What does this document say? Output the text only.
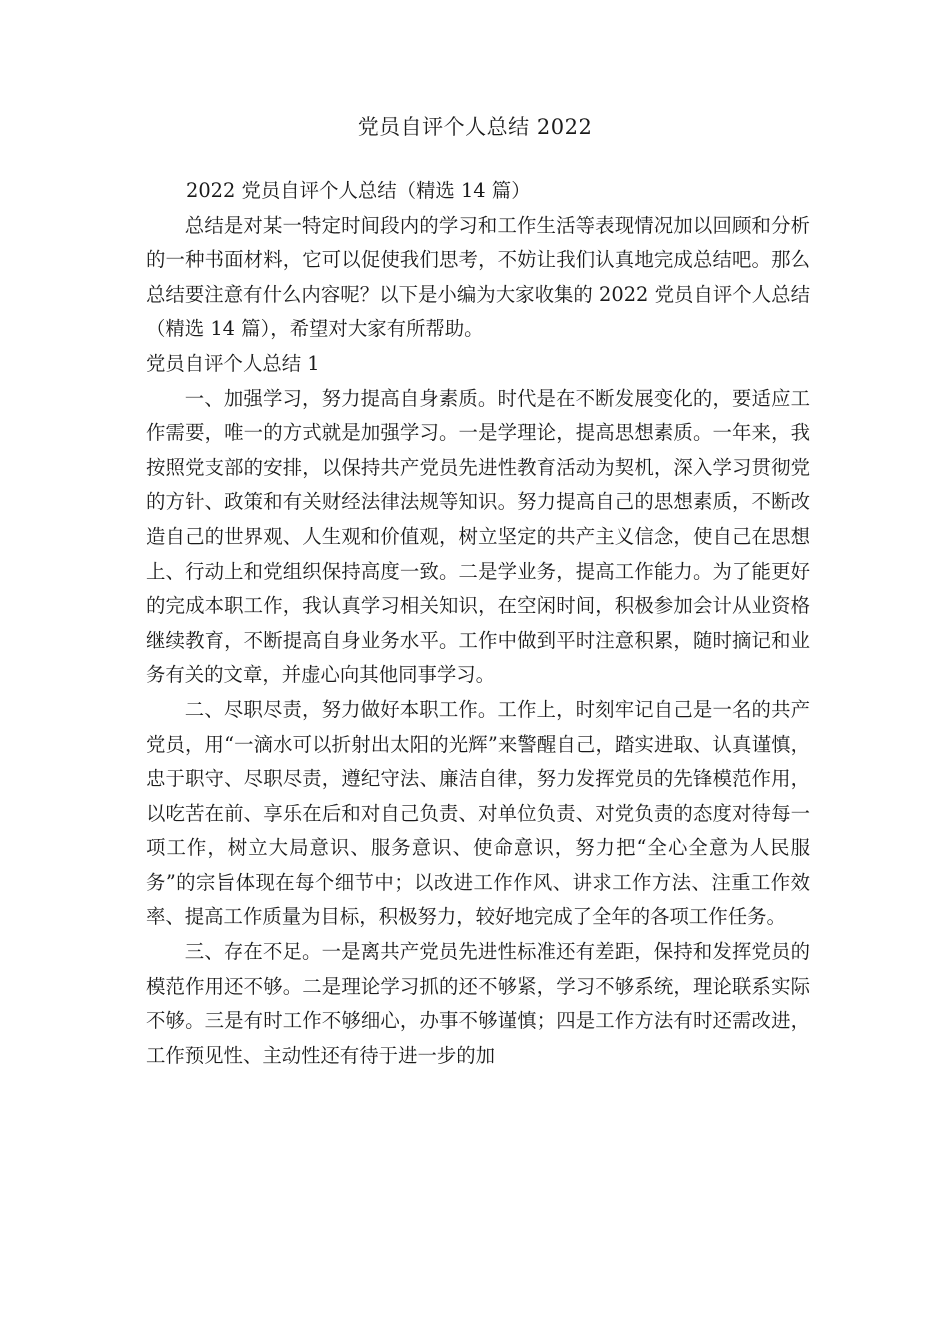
党员自评个人总结 2022

2022 党员自评个人总结（精选 14 篇）

总结是对某一特定时间段内的学习和工作生活等表现情况加以回顾和分析的一种书面材料，它可以促使我们思考，不妨让我们认真地完成总结吧。那么总结要注意有什么内容呢？以下是小编为大家收集的 2022 党员自评个人总结（精选 14 篇），希望对大家有所帮助。

党员自评个人总结 1

一、加强学习，努力提高自身素质。时代是在不断发展变化的，要适应工作需要，唯一的方式就是加强学习。一是学理论，提高思想素质。一年来，我按照党支部的安排，以保持共产党员先进性教育活动为契机，深入学习贯彻党的方针、政策和有关财经法律法规等知识。努力提高自己的思想素质，不断改造自己的世界观、人生观和价值观，树立坚定的共产主义信念，使自己在思想上、行动上和党组织保持高度一致。二是学业务，提高工作能力。为了能更好的完成本职工作，我认真学习相关知识，在空闲时间，积极参加会计从业资格继续教育，不断提高自身业务水平。工作中做到平时注意积累，随时摘记和业务有关的文章，并虚心向其他同事学习。

二、尽职尽责，努力做好本职工作。工作上，时刻牢记自己是一名的共产党员，用“一滴水可以折射出太阳的光辉”来警醒自己，踏实进取、认真谨慎，忠于职守、尽职尽责，遵纪守法、廉洁自律，努力发挥党员的先锋模范作用，以吃苦在前、享乐在后和对自己负责、对单位负责、对党负责的态度对待每一项工作，树立大局意识、服务意识、使命意识，努力把“全心全意为人民服务”的宗旨体现在每个细节中；以改进工作作风、讲求工作方法、注重工作效率、提高工作质量为目标，积极努力，较好地完成了全年的各项工作任务。

三、存在不足。一是离共产党员先进性标准还有差距，保持和发挥党员的模范作用还不够。二是理论学习抓的还不够紧，学习不够系统，理论联系实际不够。三是有时工作不够细心，办事不够谨慎；四是工作方法有时还需改进，工作预见性、主动性还有待于进一步的加
